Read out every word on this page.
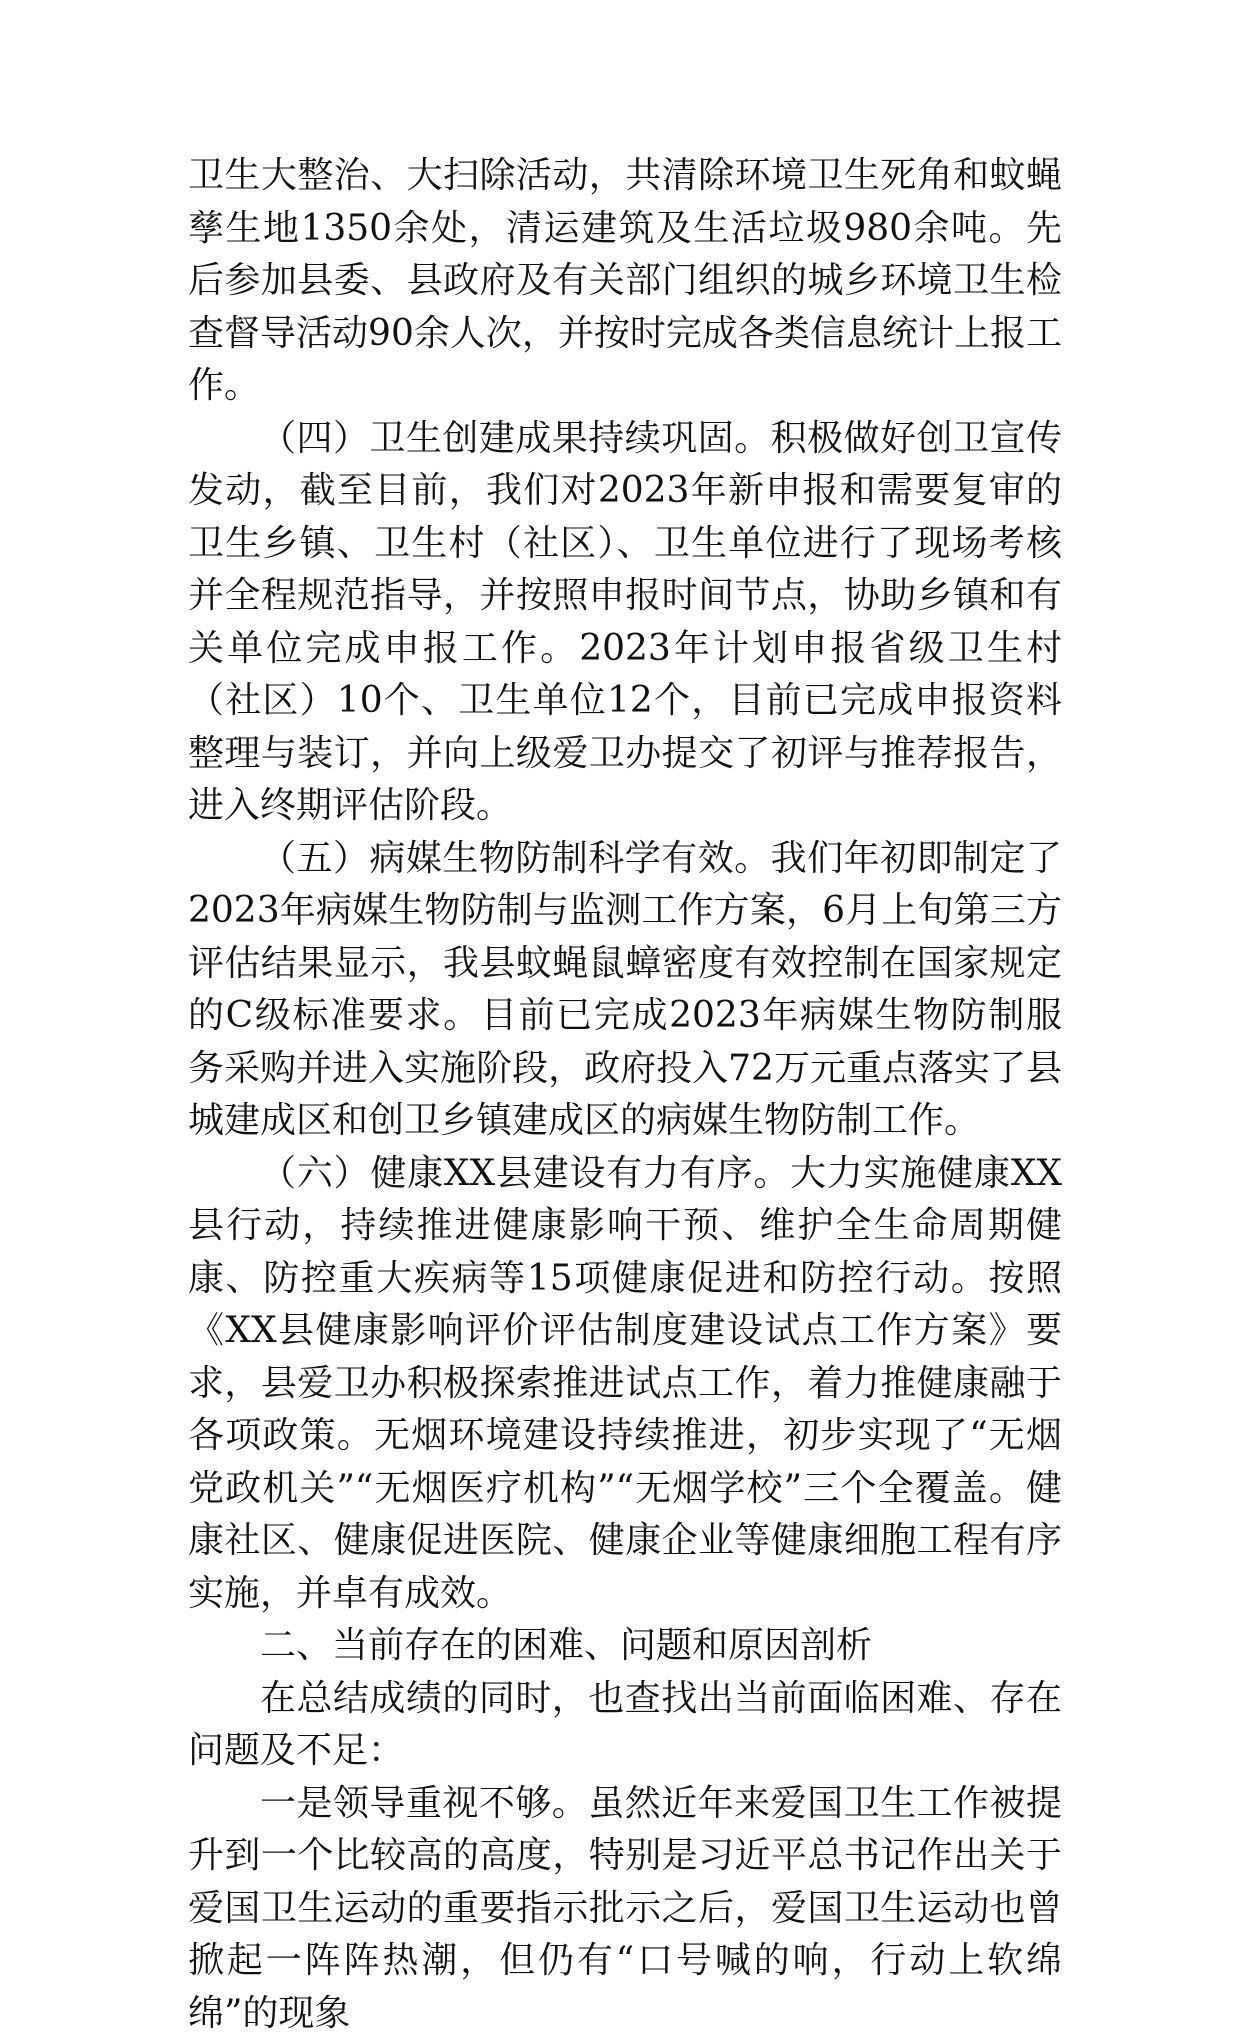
卫生大整治、大扫除活动，共清除环境卫生死角和蚊蝇孳生地1350余处，清运建筑及生活垃圾980余吨。先后参加县委、县政府及有关部门组织的城乡环境卫生检查督导活动90余人次，并按时完成各类信息统计上报工作。

（四）卫生创建成果持续巩固。积极做好创卫宣传发动，截至目前，我们对2023年新申报和需要复审的卫生乡镇、卫生村（社区）、卫生单位进行了现场考核并全程规范指导，并按照申报时间节点，协助乡镇和有关单位完成申报工作。2023年计划申报省级卫生村（社区）10个、卫生单位12个，目前已完成申报资料整理与装订，并向上级爱卫办提交了初评与推荐报告，进入终期评估阶段。

（五）病媒生物防制科学有效。我们年初即制定了2023年病媒生物防制与监测工作方案，6月上旬第三方评估结果显示，我县蚊蝇鼠蟑密度有效控制在国家规定的C级标准要求。目前已完成2023年病媒生物防制服务采购并进入实施阶段，政府投入72万元重点落实了县城建成区和创卫乡镇建成区的病媒生物防制工作。

（六）健康XX县建设有力有序。大力实施健康XX县行动，持续推进健康影响干预、维护全生命周期健康、防控重大疾病等15项健康促进和防控行动。按照《XX县健康影响评价评估制度建设试点工作方案》要求，县爱卫办积极探索推进试点工作，着力推健康融于各项政策。无烟环境建设持续推进，初步实现了“无烟党政机关”“无烟医疗机构”“无烟学校”三个全覆盖。健康社区、健康促进医院、健康企业等健康细胞工程有序实施，并卓有成效。

二、当前存在的困难、问题和原因剖析

在总结成绩的同时，也查找出当前面临困难、存在问题及不足：

一是领导重视不够。虽然近年来爱国卫生工作被提升到一个比较高的高度，特别是习近平总书记作出关于爱国卫生运动的重要指示批示之后，爱国卫生运动也曾掀起一阵阵热潮，但仍有“口号喊的响，行动上软绵绵”的现象
